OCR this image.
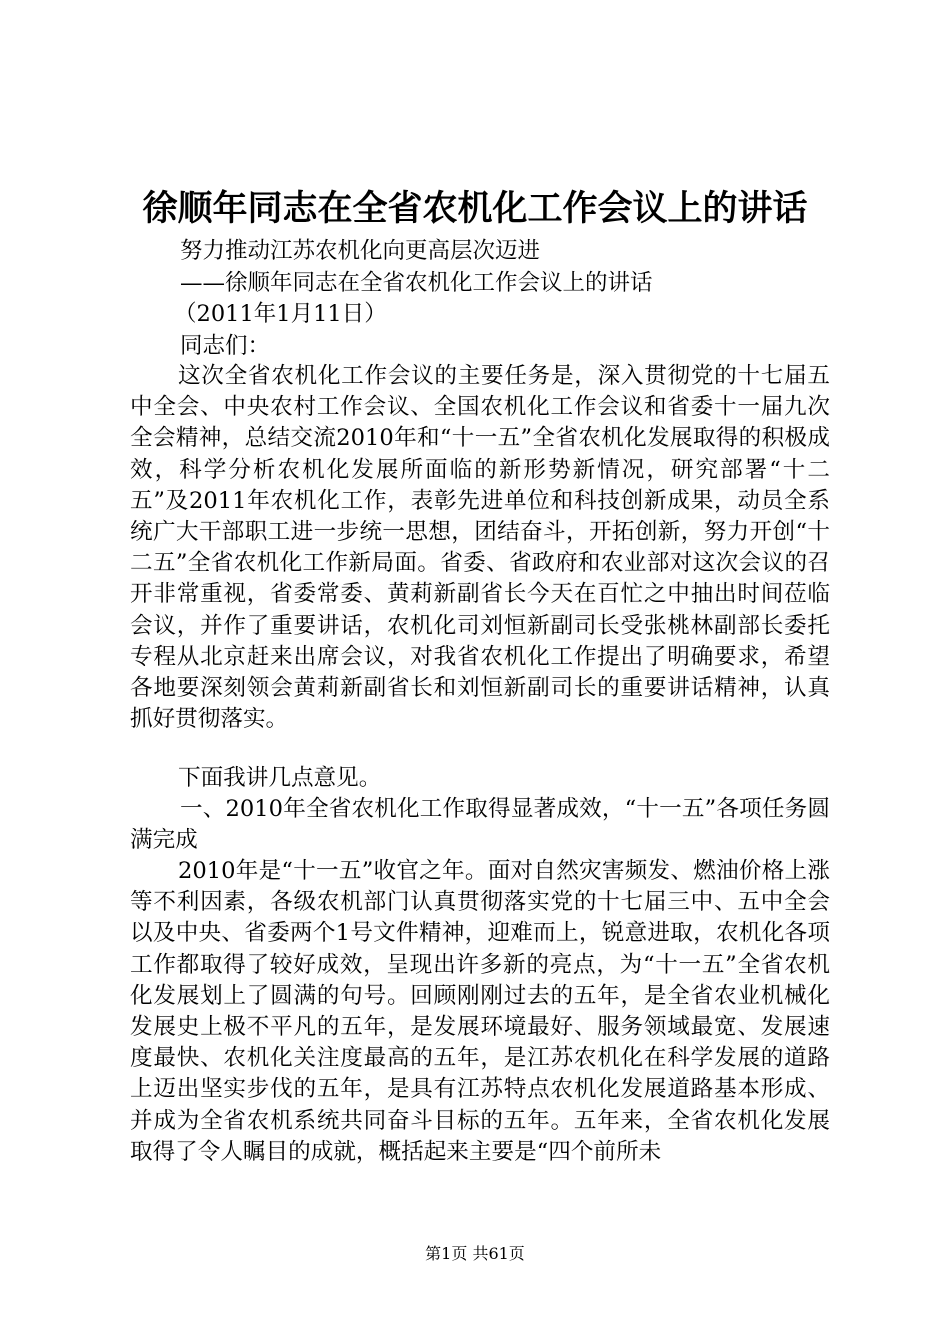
徐顺年同志在全省农机化工作会议上的讲话
努力推动江苏农机化向更高层次迈进
——徐顺年同志在全省农机化工作会议上的讲话
（2011年1月11日）
同志们：

这次全省农机化工作会议的主要任务是，深入贯彻党的十七届五中全会、中央农村工作会议、全国农机化工作会议和省委十一届九次全会精神，总结交流2010年和“十一五”全省农机化发展取得的积极成效，科学分析农机化发展所面临的新形势新情况，研究部署“十二五”及2011年农机化工作，表彰先进单位和科技创新成果，动员全系统广大干部职工进一步统一思想，团结奋斗，开拓创新，努力开创“十二五”全省农机化工作新局面。省委、省政府和农业部对这次会议的召开非常重视，省委常委、黄莉新副省长今天在百忙之中抽出时间莅临会议，并作了重要讲话，农机化司刘恒新副司长受张桃林副部长委托专程从北京赶来出席会议，对我省农机化工作提出了明确要求，希望各地要深刻领会黄莉新副省长和刘恒新副司长的重要讲话精神，认真抓好贯彻落实。

下面我讲几点意见。

一、2010年全省农机化工作取得显著成效，“十一五”各项任务圆满完成

2010年是“十一五”收官之年。面对自然灾害频发、燃油价格上涨等不利因素，各级农机部门认真贯彻落实党的十七届三中、五中全会以及中央、省委两个1号文件精神，迎难而上，锐意进取，农机化各项工作都取得了较好成效，呈现出许多新的亮点，为“十一五”全省农机化发展划上了圆满的句号。回顾刚刚过去的五年，是全省农业机械化发展史上极不平凡的五年，是发展环境最好、服务领域最宽、发展速度最快、农机化关注度最高的五年，是江苏农机化在科学发展的道路上迈出坚实步伐的五年，是具有江苏特点农机化发展道路基本形成、并成为全省农机系统共同奋斗目标的五年。五年来，全省农机化发展取得了令人瞩目的成就，概括起来主要是“四个前所未

第1页 共61页
